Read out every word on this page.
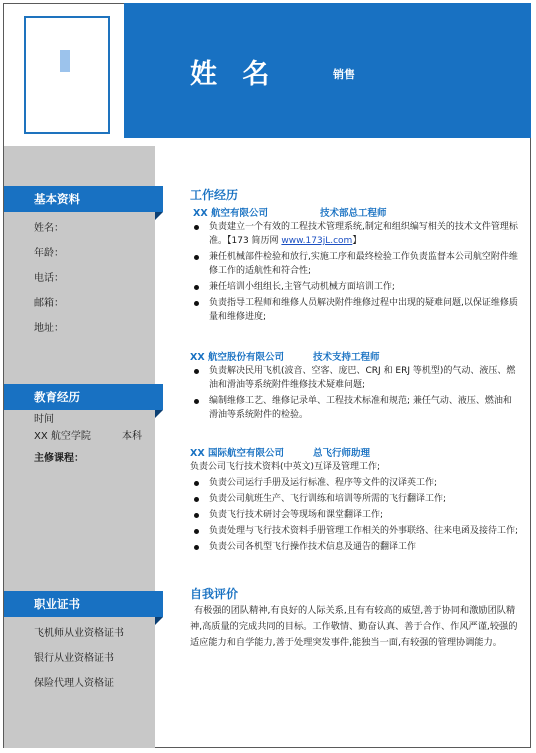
姓 名	销售
基本资料
姓名：
年龄：
电话：
邮箱：
地址：
教育经历
时间
XX 航空学院	本科
主修课程：
职业证书
飞机师从业资格证书
银行从业资格证书
保险代理人资格证
工作经历
XX 航空有限公司	技术部总工程师
负责建立一个有效的工程技术管理系统,制定和组织编写相关的技术文件管理标准。【173 简历网 www.173jL.com】
兼任机械部件检验和放行,实施工序和最终检验工作负责监督本公司航空附件维修工作的适航性和符合性;
兼任培训小组组长,主管气动机械方面培训工作;
负责指导工程师和维修人员解决附件维修过程中出现的疑难问题,以保证维修质量和维修进度;
XX 航空股份有限公司	技术支持工程师
负责解决民用飞机(波音、空客、庞巴、CRJ 和 ERJ 等机型)的气动、液压、燃油和滑油等系统附件维修技术疑难问题;
编制维修工艺、维修记录单、工程技术标准和规范; 兼任气动、液压、燃油和滑油等系统附件的检验。
XX 国际航空有限公司	总飞行师助理
负责公司飞行技术资料(中英文)互译及管理工作;
负责公司运行手册及运行标准、程序等文件的汉译英工作;
负责公司航班生产、飞行训练和培训等所需的飞行翻译工作;
负责飞行技术研讨会等现场和课堂翻译工作;
负责处理与飞行技术资料手册管理工作相关的外事联络、往来电函及接待工作;
负责公司各机型飞行操作技术信息及通告的翻译工作
自我评价
有极强的团队精神,有良好的人际关系,且有有较高的威望,善于协同和激励团队精神,高质量的完成共同的目标。工作敬情、勤奋认真、善于合作、作风严谨,较强的适应能力和自学能力,善于处理突发事件,能独当一面,有较强的管理协调能力。
